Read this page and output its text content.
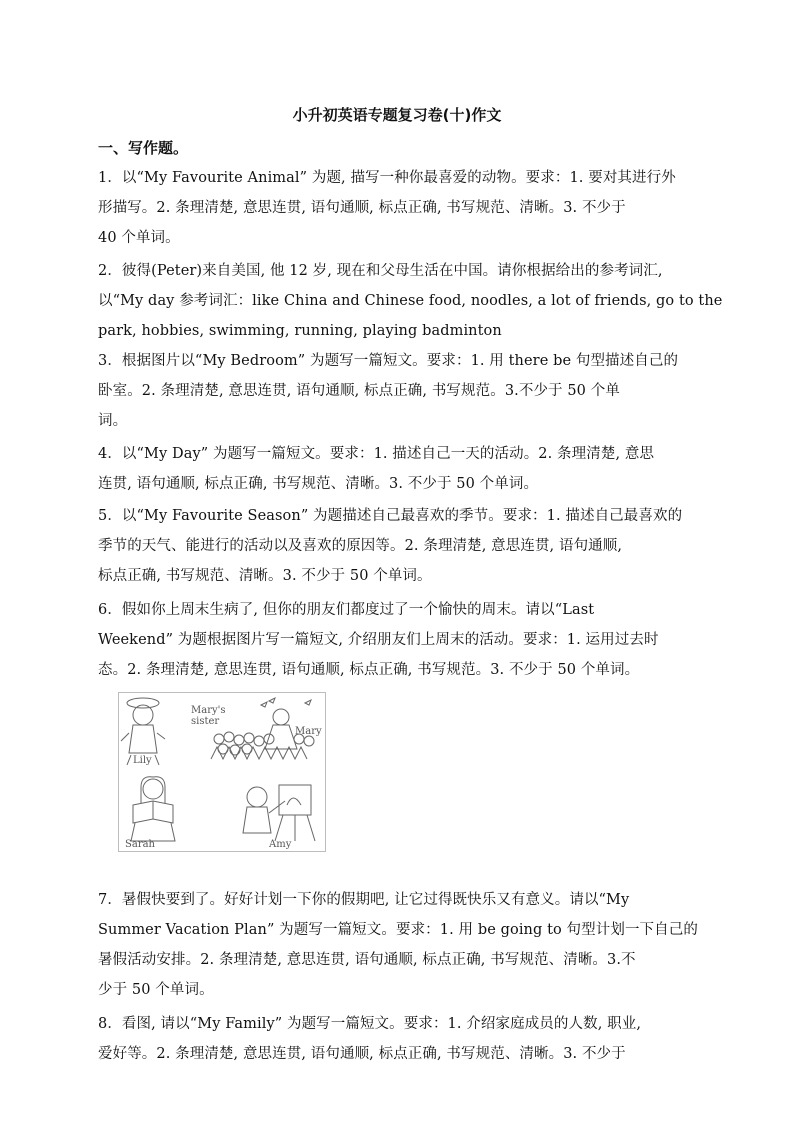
小升初英语专题复习卷(十)作文
一、写作题。
1．以“My Favourite Animal” 为题, 描写一种你最喜爱的动物。要求：1. 要对其进行外
形描写。2. 条理清楚, 意思连贯, 语句通顺, 标点正确, 书写规范、清晰。3. 不少于
40 个单词。
2．彼得(Peter)来自美国, 他 12 岁, 现在和父母生活在中国。请你根据给出的参考词汇,
以“My day 参考词汇：like China and Chinese food, noodles, a lot of friends, go to the
park, hobbies, swimming, running, playing badminton
3．根据图片以“My Bedroom” 为题写一篇短文。要求：1. 用 there be 句型描述自己的
卧室。2. 条理清楚, 意思连贯, 语句通顺, 标点正确, 书写规范。3.不少于 50 个单
词。
4．以“My Day” 为题写一篇短文。要求：1. 描述自己一天的活动。2. 条理清楚, 意思
连贯, 语句通顺, 标点正确, 书写规范、清晰。3. 不少于 50 个单词。
5．以“My Favourite Season” 为题描述自己最喜欢的季节。要求：1. 描述自己最喜欢的
季节的天气、能进行的活动以及喜欢的原因等。2. 条理清楚, 意思连贯, 语句通顺,
标点正确, 书写规范、清晰。3. 不少于 50 个单词。
6．假如你上周末生病了, 但你的朋友们都度过了一个愉快的周末。请以“Last
Weekend” 为题根据图片写一篇短文, 介绍朋友们上周末的活动。要求：1. 运用过去时
态。2. 条理清楚, 意思连贯, 语句通顺, 标点正确, 书写规范。3. 不少于 50 个单词。
Lily
Mary's
sister
Mary
Sarah	Amy
7．暑假快要到了。好好计划一下你的假期吧, 让它过得既快乐又有意义。请以“My
Summer Vacation Plan” 为题写一篇短文。要求：1. 用 be going to 句型计划一下自己的
暑假活动安排。2. 条理清楚, 意思连贯, 语句通顺, 标点正确, 书写规范、清晰。3.不
少于 50 个单词。
8．看图, 请以“My Family” 为题写一篇短文。要求：1. 介绍家庭成员的人数, 职业,
爱好等。2. 条理清楚, 意思连贯, 语句通顺, 标点正确, 书写规范、清晰。3. 不少于
